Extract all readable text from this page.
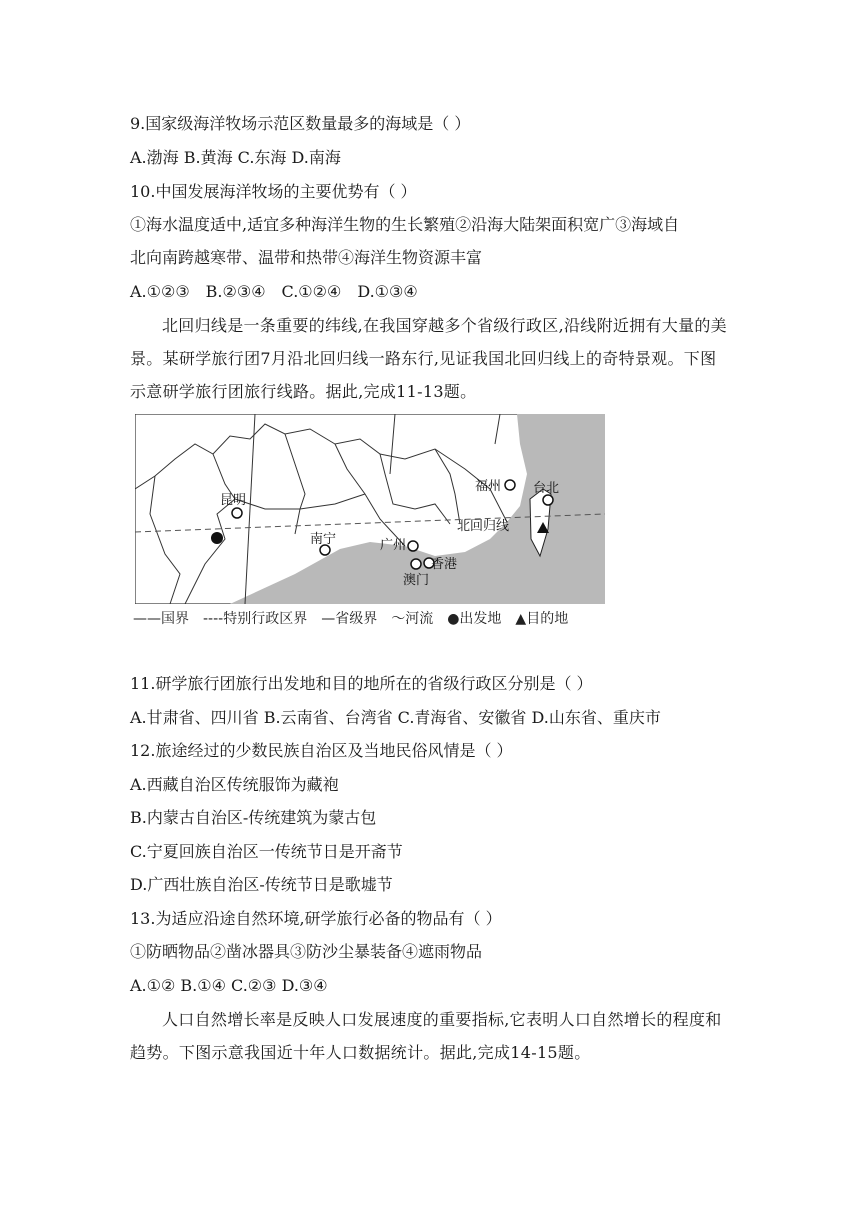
9.国家级海洋牧场示范区数量最多的海域是（ ）
A.渤海 B.黄海 C.东海 D.南海
10.中国发展海洋牧场的主要优势有（ ）
①海水温度适中,适宜多种海洋生物的生长繁殖②沿海大陆架面积宽广③海域自
北向南跨越寒带、温带和热带④海洋生物资源丰富
A.①②③　B.②③④　C.①②④　D.①③④
北回归线是一条重要的纬线,在我国穿越多个省级行政区,沿线附近拥有大量的美景。某研学旅行团7月沿北回归线一路东行,见证我国北回归线上的奇特景观。下图示意研学旅行团旅行线路。据此,完成11-13题。
昆明
南宁	广州
香港
澳门
福州 台北
北回归线
——国界　----特别行政区界　—省级界　〜河流　●出发地　▲目的地
11.研学旅行团旅行出发地和目的地所在的省级行政区分别是（ ）
A.甘肃省、四川省 B.云南省、台湾省 C.青海省、安徽省 D.山东省、重庆市
12.旅途经过的少数民族自治区及当地民俗风情是（ ）
A.西藏自治区传统服饰为藏袍
B.内蒙古自治区-传统建筑为蒙古包
C.宁夏回族自治区一传统节日是开斋节
D.广西壮族自治区-传统节日是歌墟节
13.为适应沿途自然环境,研学旅行必备的物品有（ ）
①防晒物品②凿冰器具③防沙尘暴装备④遮雨物品
A.①② B.①④ C.②③ D.③④
人口自然增长率是反映人口发展速度的重要指标,它表明人口自然增长的程度和趋势。下图示意我国近十年人口数据统计。据此,完成14-15题。
